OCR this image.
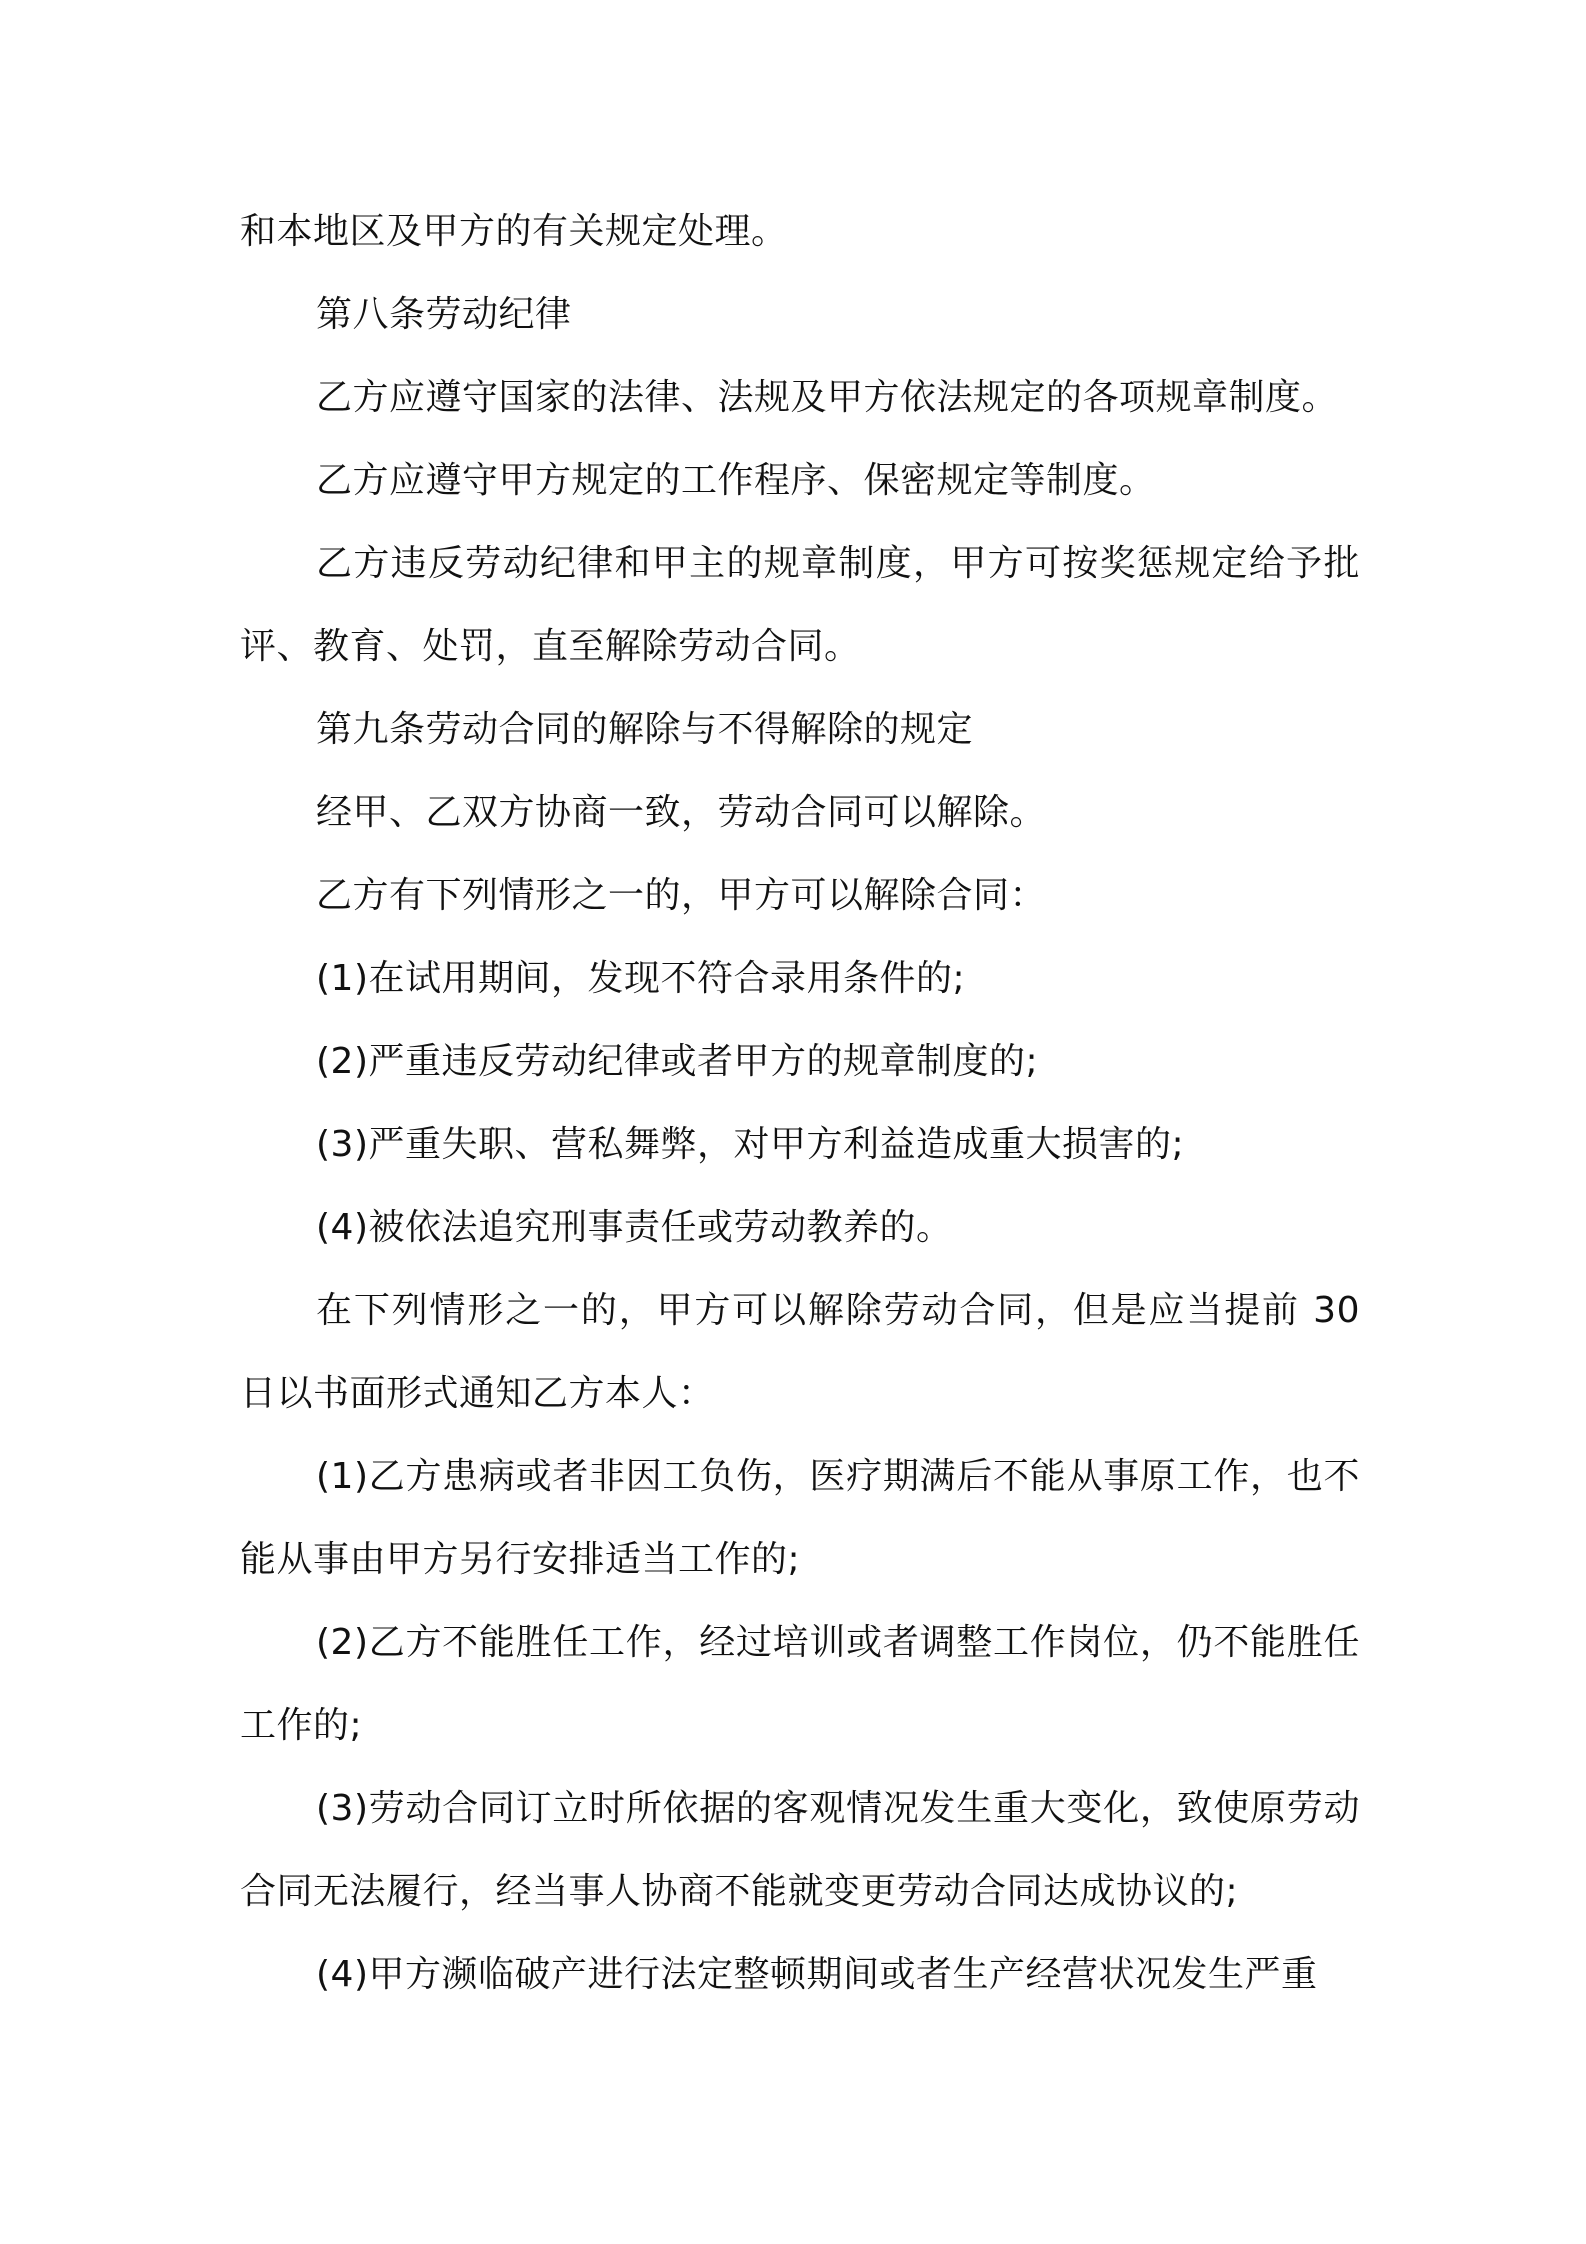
和本地区及甲方的有关规定处理。

第八条劳动纪律

乙方应遵守国家的法律、法规及甲方依法规定的各项规章制度。

乙方应遵守甲方规定的工作程序、保密规定等制度。

乙方违反劳动纪律和甲主的规章制度，甲方可按奖惩规定给予批评、教育、处罚，直至解除劳动合同。

第九条劳动合同的解除与不得解除的规定

经甲、乙双方协商一致，劳动合同可以解除。

乙方有下列情形之一的，甲方可以解除合同：

(1)在试用期间，发现不符合录用条件的;

(2)严重违反劳动纪律或者甲方的规章制度的;

(3)严重失职、营私舞弊，对甲方利益造成重大损害的;

(4)被依法追究刑事责任或劳动教养的。

在下列情形之一的，甲方可以解除劳动合同，但是应当提前 30 日以书面形式通知乙方本人：

(1)乙方患病或者非因工负伤，医疗期满后不能从事原工作，也不能从事由甲方另行安排适当工作的;

(2)乙方不能胜任工作，经过培训或者调整工作岗位，仍不能胜任工作的;

(3)劳动合同订立时所依据的客观情况发生重大变化，致使原劳动合同无法履行，经当事人协商不能就变更劳动合同达成协议的;

(4)甲方濒临破产进行法定整顿期间或者生产经营状况发生严重
